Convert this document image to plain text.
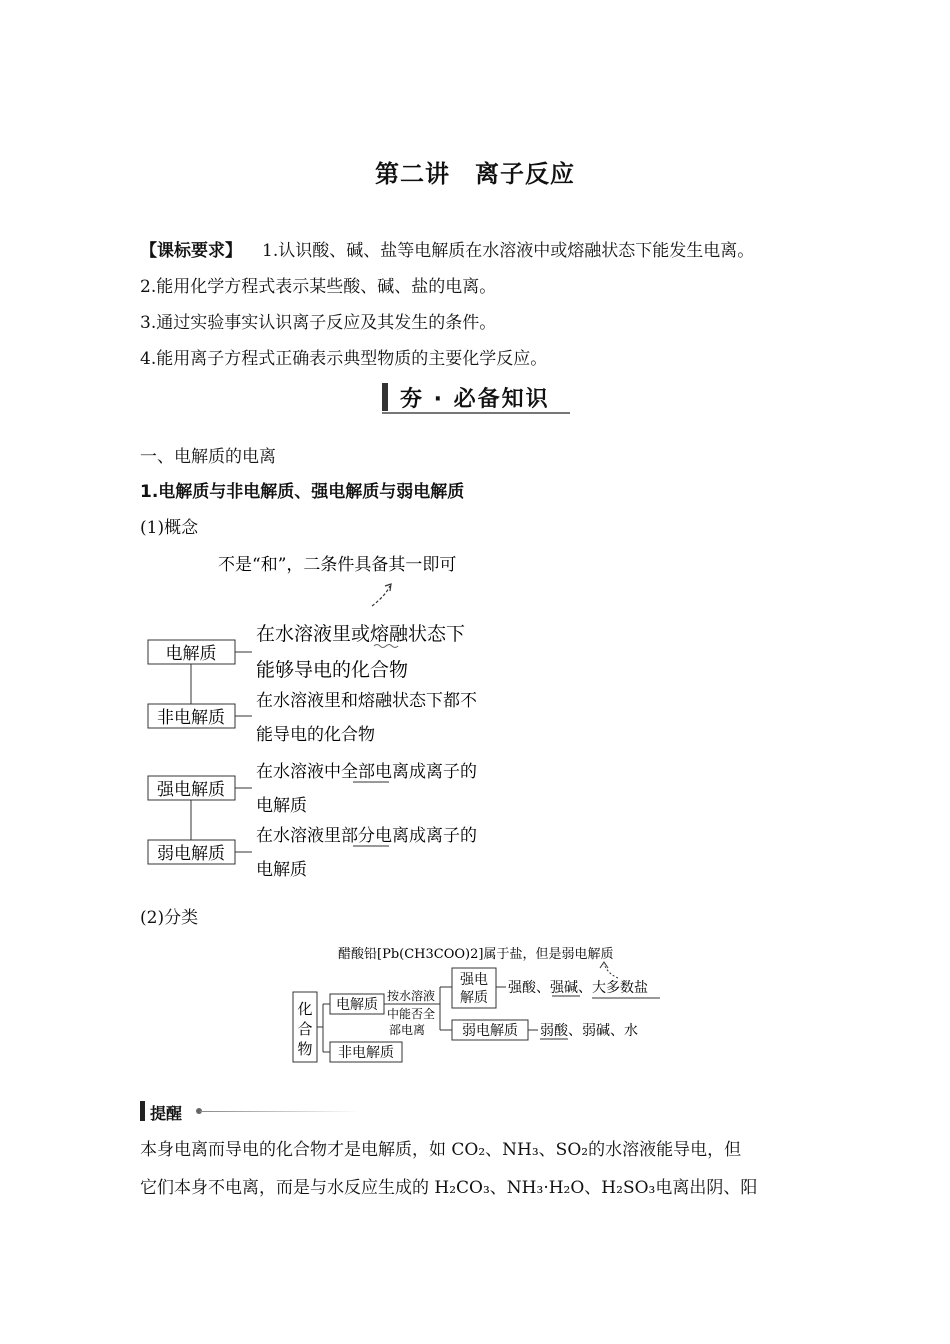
第二讲　离子反应
【课标要求】 1.认识酸、碱、盐等电解质在水溶液中或熔融状态下能发生电离。
2.能用化学方程式表示某些酸、碱、盐的电离。
3.通过实验事实认识离子反应及其发生的条件。
4.能用离子方程式正确表示典型物质的主要化学反应。
夯 · 必备知识
一、电解质的电离
1.电解质与非电解质、强电解质与弱电解质
(1)概念
不是“和”，二条件具备其一即可
电解质
在水溶液里或熔融状态下
能够导电的化合物
非电解质
在水溶液里和熔融状态下都不
能导电的化合物
强电解质
在水溶液中全部电离成离子的
电解质
弱电解质
在水溶液里部分电离成离子的
电解质
(2)分类
醋酸铅[Pb(CH3COO)2]属于盐，但是弱电解质
化
合
物
电解质
非电解质
按水溶液
中能否全
部电离
强电
解质
弱电解质
强酸、强碱、大多数盐
弱酸、弱碱、水
提醒
本身电离而导电的化合物才是电解质，如 CO₂、NH₃、SO₂的水溶液能导电，但
它们本身不电离，而是与水反应生成的 H₂CO₃、NH₃·H₂O、H₂SO₃电离出阴、阳
